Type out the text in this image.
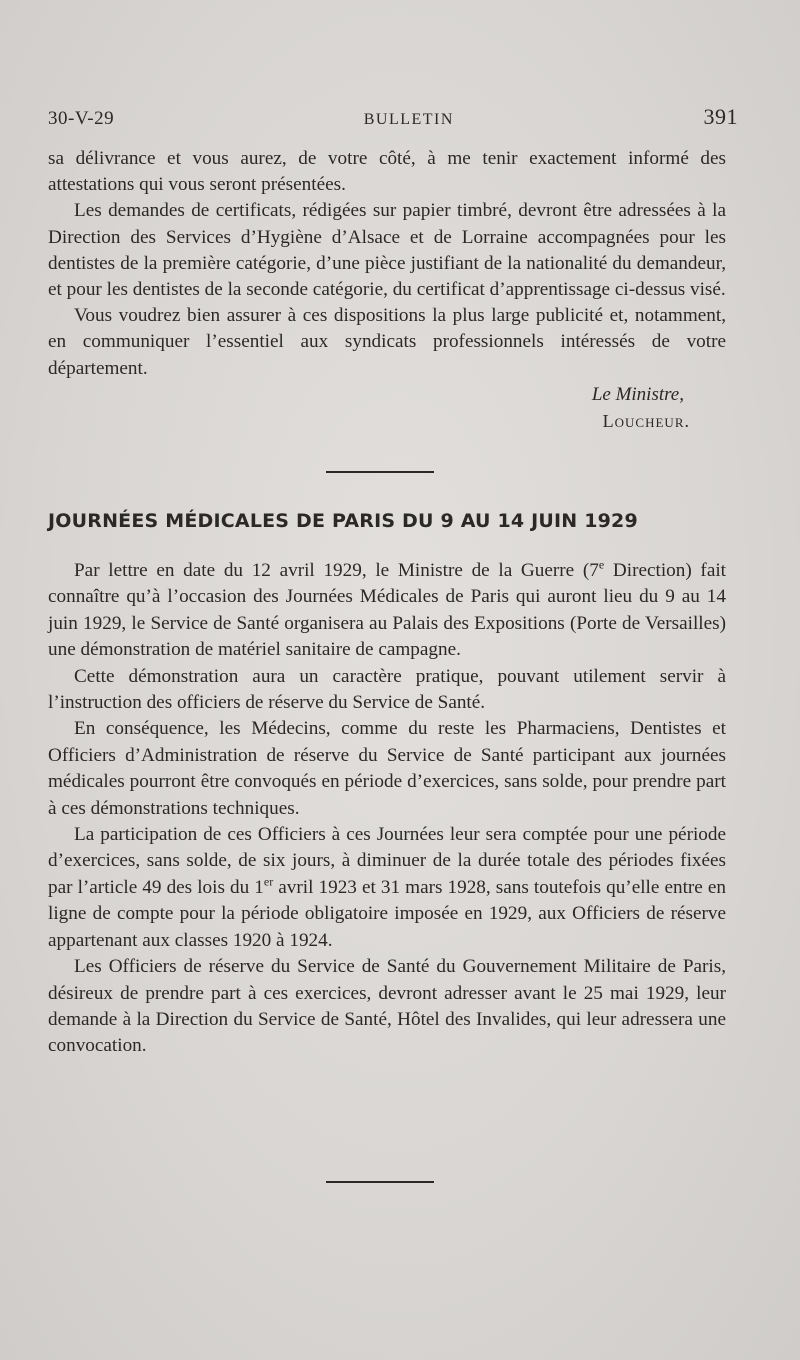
30-V-29	BULLETIN	391

sa délivrance et vous aurez, de votre côté, à me tenir exactement informé des attestations qui vous seront présentées.

Les demandes de certificats, rédigées sur papier timbré, devront être adressées à la Direction des Services d’Hygiène d’Alsace et de Lorraine accompagnées pour les dentistes de la première catégorie, d’une pièce justifiant de la nationalité du demandeur, et pour les dentistes de la seconde catégorie, du certificat d’apprentissage ci-dessus visé.

Vous voudrez bien assurer à ces dispositions la plus large publicité et, notamment, en communiquer l’essentiel aux syndicats professionnels intéressés de votre département.

Le Ministre,
Loucheur.
JOURNÉES MÉDICALES DE PARIS DU 9 AU 14 JUIN 1929

Par lettre en date du 12 avril 1929, le Ministre de la Guerre (7e Direction) fait connaître qu’à l’occasion des Journées Médicales de Paris qui auront lieu du 9 au 14 juin 1929, le Service de Santé organisera au Palais des Expositions (Porte de Versailles) une démonstration de matériel sanitaire de campagne.

Cette démonstration aura un caractère pratique, pouvant utilement servir à l’instruction des officiers de réserve du Service de Santé.

En conséquence, les Médecins, comme du reste les Pharmaciens, Dentistes et Officiers d’Administration de réserve du Service de Santé participant aux journées médicales pourront être convoqués en période d’exercices, sans solde, pour prendre part à ces démonstrations techniques.

La participation de ces Officiers à ces Journées leur sera comptée pour une période d’exercices, sans solde, de six jours, à diminuer de la durée totale des périodes fixées par l’article 49 des lois du 1er avril 1923 et 31 mars 1928, sans toutefois qu’elle entre en ligne de compte pour la période obligatoire imposée en 1929, aux Officiers de réserve appartenant aux classes 1920 à 1924.

Les Officiers de réserve du Service de Santé du Gouvernement Militaire de Paris, désireux de prendre part à ces exercices, devront adresser avant le 25 mai 1929, leur demande à la Direction du Service de Santé, Hôtel des Invalides, qui leur adressera une convocation.
